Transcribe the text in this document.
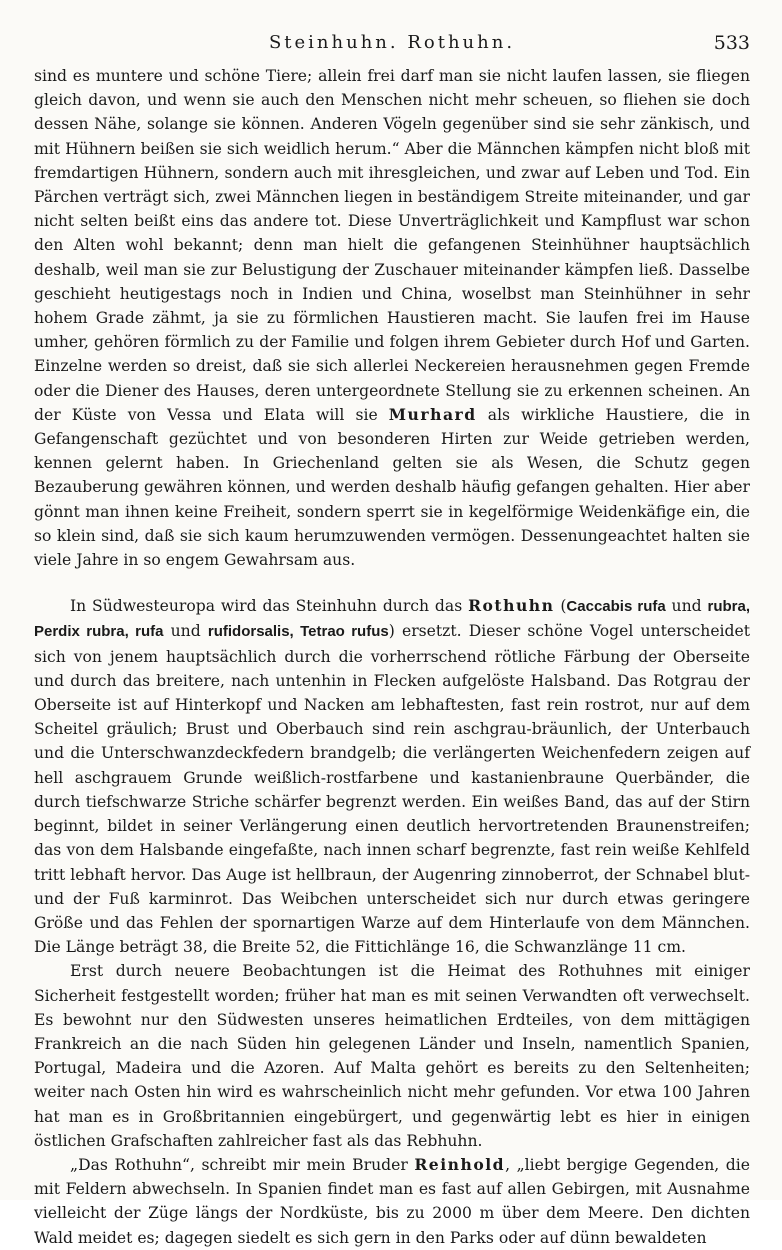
Steinhuhn. Rothuhn.	533

sind es muntere und schöne Tiere; allein frei darf man sie nicht laufen lassen, sie fliegen gleich davon, und wenn sie auch den Menschen nicht mehr scheuen, so fliehen sie doch dessen Nähe, solange sie können. Anderen Vögeln gegenüber sind sie sehr zänkisch, und mit Hühnern beißen sie sich weidlich herum.“ Aber die Männchen kämpfen nicht bloß mit fremdartigen Hühnern, sondern auch mit ihresgleichen, und zwar auf Leben und Tod. Ein Pärchen verträgt sich, zwei Männchen liegen in beständigem Streite miteinander, und gar nicht selten beißt eins das andere tot. Diese Unverträglichkeit und Kampflust war schon den Alten wohl bekannt; denn man hielt die gefangenen Steinhühner hauptsächlich deshalb, weil man sie zur Belustigung der Zuschauer miteinander kämpfen ließ. Dasselbe geschieht heutigestags noch in Indien und China, woselbst man Steinhühner in sehr hohem Grade zähmt, ja sie zu förmlichen Haustieren macht. Sie laufen frei im Hause umher, gehören förmlich zu der Familie und folgen ihrem Gebieter durch Hof und Garten. Einzelne werden so dreist, daß sie sich allerlei Neckereien herausnehmen gegen Fremde oder die Diener des Hauses, deren untergeordnete Stellung sie zu erkennen scheinen. An der Küste von Vessa und Elata will sie Murhard als wirkliche Haustiere, die in Gefangenschaft gezüchtet und von besonderen Hirten zur Weide getrieben werden, kennen gelernt haben. In Griechenland gelten sie als Wesen, die Schutz gegen Bezauberung gewähren können, und werden deshalb häufig gefangen gehalten. Hier aber gönnt man ihnen keine Freiheit, sondern sperrt sie in kegelförmige Weidenkäfige ein, die so klein sind, daß sie sich kaum herumzuwenden vermögen. Dessenungeachtet halten sie viele Jahre in so engem Gewahrsam aus.

In Südwesteuropa wird das Steinhuhn durch das Rothuhn (Caccabis rufa und rubra, Perdix rubra, rufa und rufidorsalis, Tetrao rufus) ersetzt. Dieser schöne Vogel unterscheidet sich von jenem hauptsächlich durch die vorherrschend rötliche Färbung der Oberseite und durch das breitere, nach untenhin in Flecken aufgelöste Halsband. Das Rotgrau der Oberseite ist auf Hinterkopf und Nacken am lebhaftesten, fast rein rostrot, nur auf dem Scheitel gräulich; Brust und Oberbauch sind rein aschgrau-bräunlich, der Unterbauch und die Unterschwanzdeckfedern brandgelb; die verlängerten Weichenfedern zeigen auf hell aschgrauem Grunde weißlich-rostfarbene und kastanienbraune Querbänder, die durch tiefschwarze Striche schärfer begrenzt werden. Ein weißes Band, das auf der Stirn beginnt, bildet in seiner Verlängerung einen deutlich hervortretenden Braunenstreifen; das von dem Halsbande eingefaßte, nach innen scharf begrenzte, fast rein weiße Kehlfeld tritt lebhaft hervor. Das Auge ist hellbraun, der Augenring zinnoberrot, der Schnabel blut- und der Fuß karminrot. Das Weibchen unterscheidet sich nur durch etwas geringere Größe und das Fehlen der spornartigen Warze auf dem Hinterlaufe von dem Männchen. Die Länge beträgt 38, die Breite 52, die Fittichlänge 16, die Schwanzlänge 11 cm.

Erst durch neuere Beobachtungen ist die Heimat des Rothuhnes mit einiger Sicherheit festgestellt worden; früher hat man es mit seinen Verwandten oft verwechselt. Es bewohnt nur den Südwesten unseres heimatlichen Erdteiles, von dem mittägigen Frankreich an die nach Süden hin gelegenen Länder und Inseln, namentlich Spanien, Portugal, Madeira und die Azoren. Auf Malta gehört es bereits zu den Seltenheiten; weiter nach Osten hin wird es wahrscheinlich nicht mehr gefunden. Vor etwa 100 Jahren hat man es in Großbritannien eingebürgert, und gegenwärtig lebt es hier in einigen östlichen Grafschaften zahlreicher fast als das Rebhuhn.

„Das Rothuhn“, schreibt mir mein Bruder Reinhold, „liebt bergige Gegenden, die mit Feldern abwechseln. In Spanien findet man es fast auf allen Gebirgen, mit Ausnahme vielleicht der Züge längs der Nordküste, bis zu 2000 m über dem Meere. Den dichten Wald meidet es; dagegen siedelt es sich gern in den Parks oder auf dünn bewaldeten
